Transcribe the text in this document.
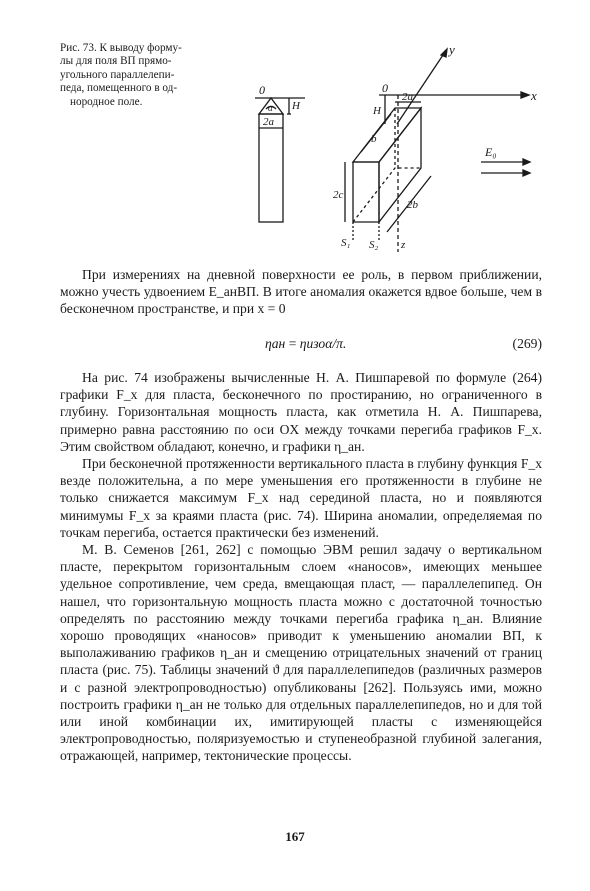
Рис. 73. К выводу форму-
лы для поля ВП прямо-
угольного параллелепи-
педа, помещенного в од-
нородное поле.
0
α H
2a
0	x
y
2a
H
b
2c
2b
E₀
S₁ S₂ z

При измерениях на дневной поверхности ее роль, в первом приближении, можно учесть удвоением E_анВП. В итоге аномалия окажется вдвое больше, чем в бесконечном пространстве, и при x = 0

ηан = ηизоα/π.	(269)

На рис. 74 изображены вычисленные Н. А. Пишпаревой по формуле (264) графики F_x для пласта, бесконечного по простиранию, но ограниченного в глубину. Горизонтальная мощность пласта, как отметила Н. А. Пишпарева, примерно равна расстоянию по оси OX между точками перегиба графиков F_x. Этим свойством обладают, конечно, и графики η_ан.

При бесконечной протяженности вертикального пласта в глубину функция F_x везде положительна, а по мере уменьшения его протяженности в глубине не только снижается максимум F_x над серединой пласта, но и появляются минимумы F_x за краями пласта (рис. 74). Ширина аномалии, определяемая по точкам перегиба, остается практически без изменений.

М. В. Семенов [261, 262] с помощью ЭВМ решил задачу о вертикальном пласте, перекрытом горизонтальным слоем «наносов», имеющих меньшее удельное сопротивление, чем среда, вмещающая пласт, — параллелепипед. Он нашел, что горизонтальную мощность пласта можно с достаточной точностью определять по расстоянию между точками перегиба графика η_ан. Влияние хорошо проводящих «наносов» приводит к уменьшению аномалии ВП, к выполаживанию графиков η_ан и смещению отрицательных значений от границ пласта (рис. 75). Таблицы значений ϑ для параллелепипедов (различных размеров и с разной электропроводностью) опубликованы [262]. Пользуясь ими, можно построить графики η_ан не только для отдельных параллелепипедов, но и для той или иной комбинации их, имитирующей пласты с изменяющейся электропроводностью, поляризуемостью и ступенеобразной глубиной залегания, отражающей, например, тектонические процессы.

167
